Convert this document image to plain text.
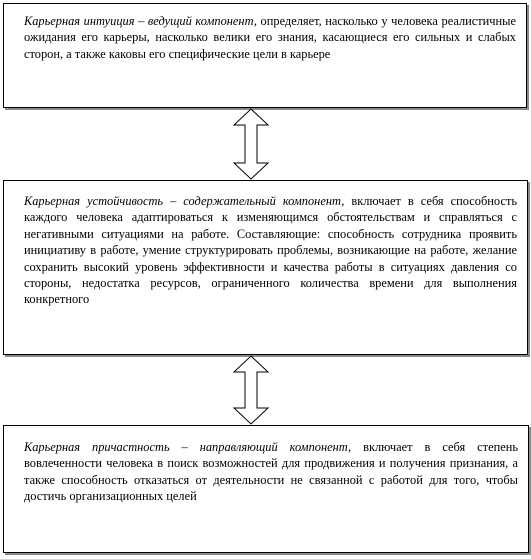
Карьерная интуиция – ведущий компонент, определяет, насколько у человека реалистичные ожидания его карьеры, насколько велики его знания, касающиеся его сильных и слабых сторон, а также каковы его специфические цели в карьере
Карьерная устойчивость – содержательный компонент, включает в себя способность каждого человека адаптироваться к изменяющимся обстоятельствам и справляться с негативными ситуациями на работе. Составляющие: способность сотрудника проявить инициативу в работе, умение структурировать проблемы, возникающие на работе, желание сохранить высокий уровень эффективности и качества работы в ситуациях давления со стороны, недостатка ресурсов, ограниченного количества времени для выполнения конкретного
Карьерная причастность – направляющий компонент, включает в себя степень вовлеченности человека в поиск возможностей для продвижения и получения признания, а также способность отказаться от деятельности не связанной с работой для того, чтобы достичь организационных целей
